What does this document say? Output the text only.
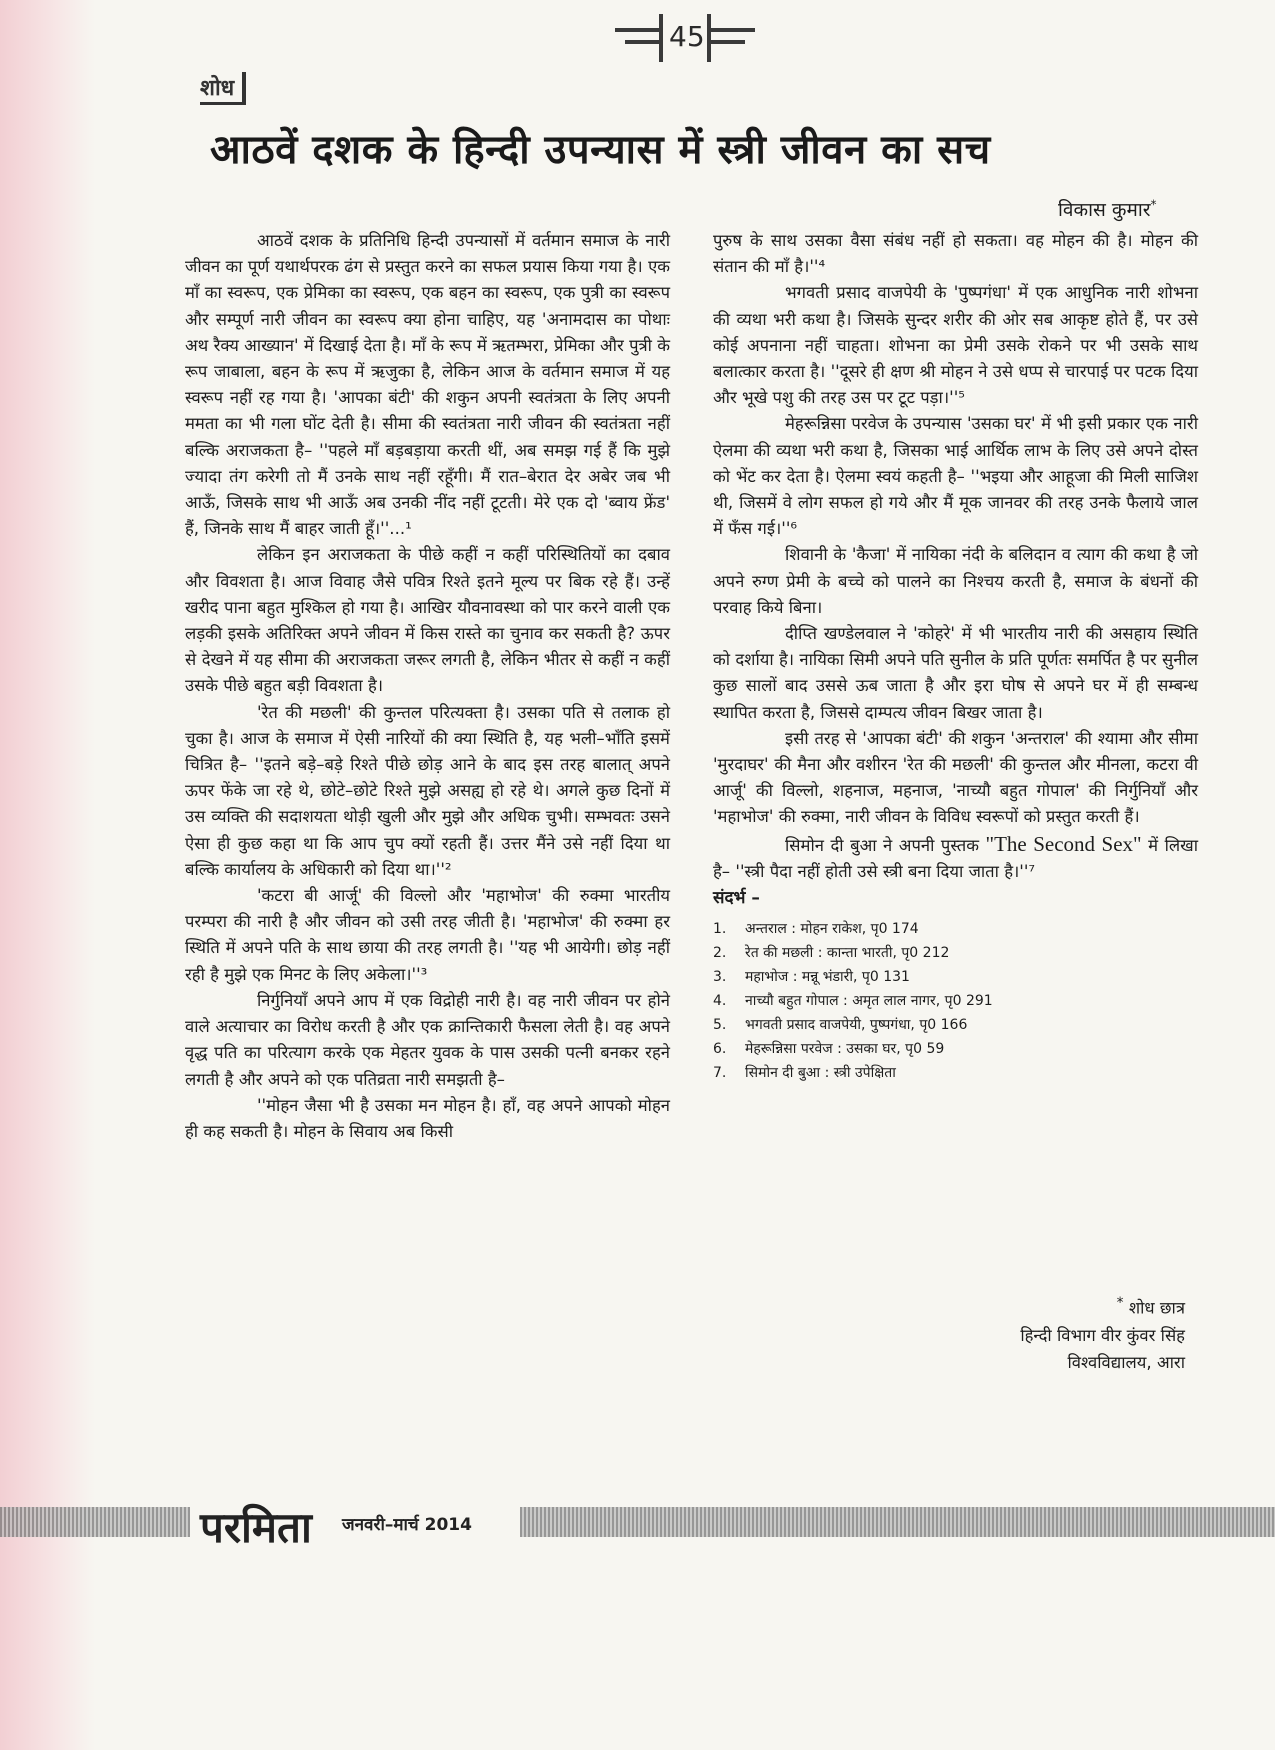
45
शोध
आठवें दशक के हिन्दी उपन्यास में स्त्री जीवन का सच
विकास कुमार*

आठवें दशक के प्रतिनिधि हिन्दी उपन्यासों में वर्तमान समाज के नारी जीवन का पूर्ण यथार्थपरक ढंग से प्रस्तुत करने का सफल प्रयास किया गया है। एक माँ का स्वरूप, एक प्रेमिका का स्वरूप, एक बहन का स्वरूप, एक पुत्री का स्वरूप और सम्पूर्ण नारी जीवन का स्वरूप क्या होना चाहिए, यह 'अनामदास का पोथाः अथ रैक्य आख्यान' में दिखाई देता है। माँ के रूप में ऋतम्भरा, प्रेमिका और पुत्री के रूप जाबाला, बहन के रूप में ऋजुका है, लेकिन आज के वर्तमान समाज में यह स्वरूप नहीं रह गया है। 'आपका बंटी' की शकुन अपनी स्वतंत्रता के लिए अपनी ममता का भी गला घोंट देती है। सीमा की स्वतंत्रता नारी जीवन की स्वतंत्रता नहीं बल्कि अराजकता है– ''पहले माँ बड़बड़ाया करती थीं, अब समझ गई हैं कि मुझे ज्यादा तंग करेगी तो मैं उनके साथ नहीं रहूँगी। मैं रात–बेरात देर अबेर जब भी आऊँ, जिसके साथ भी आऊँ अब उनकी नींद नहीं टूटती। मेरे एक दो 'ब्वाय फ्रेंड' हैं, जिनके साथ मैं बाहर जाती हूँ।''...¹

लेकिन इन अराजकता के पीछे कहीं न कहीं परिस्थितियों का दबाव और विवशता है। आज विवाह जैसे पवित्र रिश्ते इतने मूल्य पर बिक रहे हैं। उन्हें खरीद पाना बहुत मुश्किल हो गया है। आखिर यौवनावस्था को पार करने वाली एक लड़की इसके अतिरिक्त अपने जीवन में किस रास्ते का चुनाव कर सकती है? ऊपर से देखने में यह सीमा की अराजकता जरूर लगती है, लेकिन भीतर से कहीं न कहीं उसके पीछे बहुत बड़ी विवशता है।

'रेत की मछली' की कुन्तल परित्यक्ता है। उसका पति से तलाक हो चुका है। आज के समाज में ऐसी नारियों की क्या स्थिति है, यह भली–भाँति इसमें चित्रित है– ''इतने बड़े–बड़े रिश्ते पीछे छोड़ आने के बाद इस तरह बालात् अपने ऊपर फेंके जा रहे थे, छोटे–छोटे रिश्ते मुझे असह्य हो रहे थे। अगले कुछ दिनों में उस व्यक्ति की सदाशयता थोड़ी खुली और मुझे और अधिक चुभी। सम्भवतः उसने ऐसा ही कुछ कहा था कि आप चुप क्यों रहती हैं। उत्तर मैंने उसे नहीं दिया था बल्कि कार्यालय के अधिकारी को दिया था।''²

'कटरा बी आर्जू' की विल्लो और 'महाभोज' की रुक्मा भारतीय परम्परा की नारी है और जीवन को उसी तरह जीती है। 'महाभोज' की रुक्मा हर स्थिति में अपने पति के साथ छाया की तरह लगती है। ''यह भी आयेगी। छोड़ नहीं रही है मुझे एक मिनट के लिए अकेला।''³

निर्गुनियाँ अपने आप में एक विद्रोही नारी है। वह नारी जीवन पर होने वाले अत्याचार का विरोध करती है और एक क्रान्तिकारी फैसला लेती है। वह अपने वृद्ध पति का परित्याग करके एक मेहतर युवक के पास उसकी पत्नी बनकर रहने लगती है और अपने को एक पतिव्रता नारी समझती है–

''मोहन जैसा भी है उसका मन मोहन है। हाँ, वह अपने आपको मोहन ही कह सकती है। मोहन के सिवाय अब किसी

पुरुष के साथ उसका वैसा संबंध नहीं हो सकता। वह मोहन की है। मोहन की संतान की माँ है।''⁴

भगवती प्रसाद वाजपेयी के 'पुष्पगंधा' में एक आधुनिक नारी शोभना की व्यथा भरी कथा है। जिसके सुन्दर शरीर की ओर सब आकृष्ट होते हैं, पर उसे कोई अपनाना नहीं चाहता। शोभना का प्रेमी उसके रोकने पर भी उसके साथ बलात्कार करता है। ''दूसरे ही क्षण श्री मोहन ने उसे धप्प से चारपाई पर पटक दिया और भूखे पशु की तरह उस पर टूट पड़ा।''⁵

मेहरून्निसा परवेज के उपन्यास 'उसका घर' में भी इसी प्रकार एक नारी ऐलमा की व्यथा भरी कथा है, जिसका भाई आर्थिक लाभ के लिए उसे अपने दोस्त को भेंट कर देता है। ऐलमा स्वयं कहती है– ''भइया और आहूजा की मिली साजिश थी, जिसमें वे लोग सफल हो गये और मैं मूक जानवर की तरह उनके फैलाये जाल में फँस गई।''⁶

शिवानी के 'कैजा' में नायिका नंदी के बलिदान व त्याग की कथा है जो अपने रुग्ण प्रेमी के बच्चे को पालने का निश्चय करती है, समाज के बंधनों की परवाह किये बिना।

दीप्ति खण्डेलवाल ने 'कोहरे' में भी भारतीय नारी की असहाय स्थिति को दर्शाया है। नायिका सिमी अपने पति सुनील के प्रति पूर्णतः समर्पित है पर सुनील कुछ सालों बाद उससे ऊब जाता है और इरा घोष से अपने घर में ही सम्बन्ध स्थापित करता है, जिससे दाम्पत्य जीवन बिखर जाता है।

इसी तरह से 'आपका बंटी' की शकुन 'अन्तराल' की श्यामा और सीमा 'मुरदाघर' की मैना और वशीरन 'रेत की मछली' की कुन्तल और मीनला, कटरा वी आर्जू' की विल्लो, शहनाज, महनाज, 'नाच्यौ बहुत गोपाल' की निर्गुनियाँ और 'महाभोज' की रुक्मा, नारी जीवन के विविध स्वरूपों को प्रस्तुत करती हैं।

सिमोन दी बुआ ने अपनी पुस्तक "The Second Sex" में लिखा है– ''स्त्री पैदा नहीं होती उसे स्त्री बना दिया जाता है।''⁷

संदर्भ –

1.	अन्तराल : मोहन राकेश, पृ0 174
2.	रेत की मछली : कान्ता भारती, पृ0 212
3.	महाभोज : मन्नू भंडारी, पृ0 131
4.	नाच्यौ बहुत गोपाल : अमृत लाल नागर, पृ0 291
5.	भगवती प्रसाद वाजपेयी, पुष्पगंधा, पृ0 166
6.	मेहरून्निसा परवेज : उसका घर, पृ0 59
7.	सिमोन दी बुआ : स्त्री उपेक्षिता
* शोध छात्र
हिन्दी विभाग वीर कुंवर सिंह
विश्वविद्यालय, आरा
परमिता जनवरी–मार्च 2014
